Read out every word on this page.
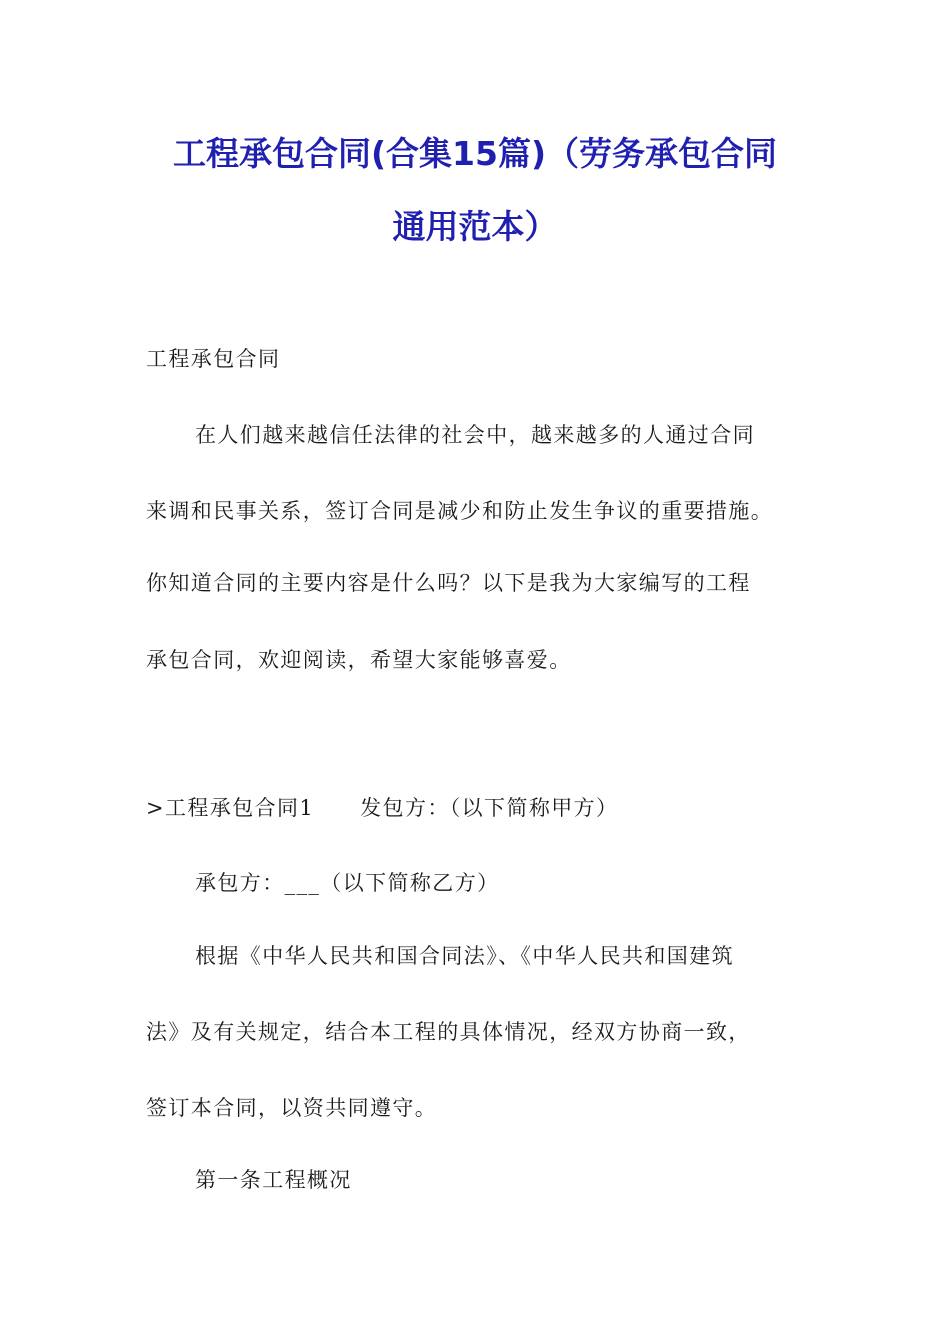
工程承包合同(合集15篇)（劳务承包合同
通用范本）
工程承包合同
在人们越来越信任法律的社会中，越来越多的人通过合同
来调和民事关系，签订合同是减少和防止发生争议的重要措施。
你知道合同的主要内容是什么吗？以下是我为大家编写的工程
承包合同，欢迎阅读，希望大家能够喜爱。
>工程承包合同1 发包方：（以下简称甲方）
承包方：___（以下简称乙方）
根据《中华人民共和国合同法》、《中华人民共和国建筑
法》及有关规定，结合本工程的具体情况，经双方协商一致，
签订本合同，以资共同遵守。
第一条工程概况
